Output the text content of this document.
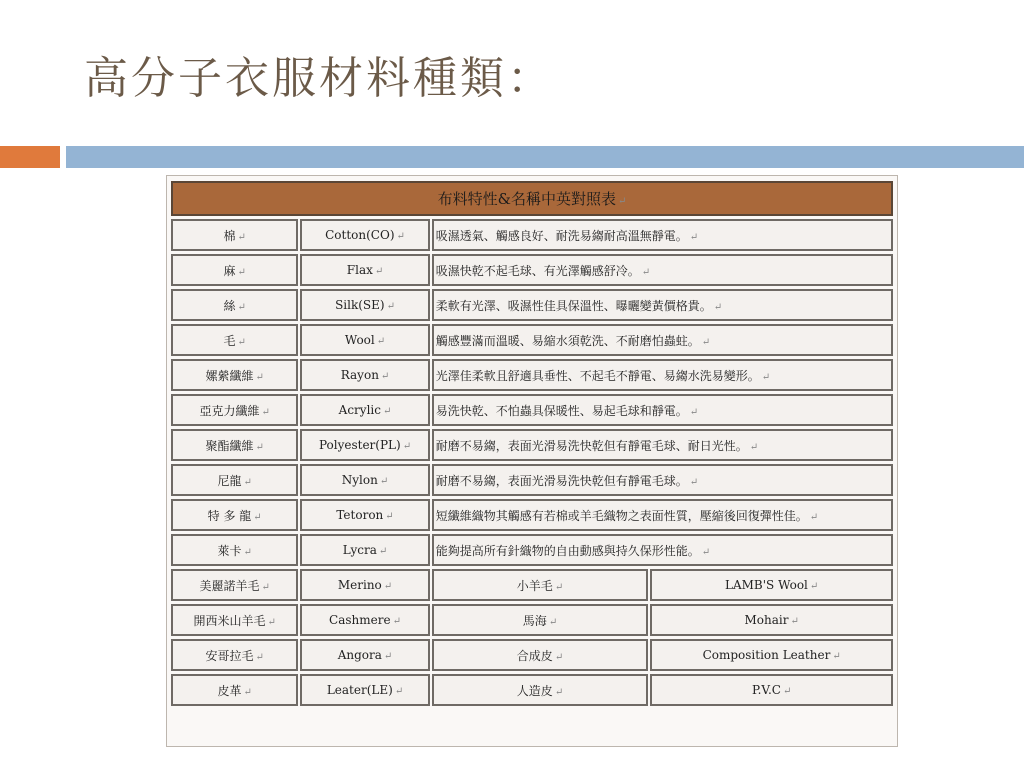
高分子衣服材料種類：
布料特性&名稱中英對照表 ↵			
棉 ↵	Cotton(CO) ↵	吸濕透氣、觸感良好、耐洗易縐耐高溫無靜電。 ↵	
麻 ↵	Flax ↵	吸濕快乾不起毛球、有光澤觸感舒冷。 ↵	
絲 ↵	Silk(SE) ↵	柔軟有光澤、吸濕性佳具保溫性、曝曬變黃價格貴。 ↵	
毛 ↵	Wool ↵	觸感豐滿而溫暖、易縮水須乾洗、不耐磨怕蟲蛀。 ↵	
嫘縈纖維 ↵	Rayon ↵	光澤佳柔軟且舒適具垂性、不起毛不靜電、易縐水洗易變形。 ↵	
亞克力纖維 ↵	Acrylic ↵	易洗快乾、不怕蟲具保暖性、易起毛球和靜電。 ↵	
聚酯纖維 ↵	Polyester(PL) ↵	耐磨不易縐，表面光滑易洗快乾但有靜電毛球、耐日光性。 ↵	
尼龍 ↵	Nylon ↵	耐磨不易縐，表面光滑易洗快乾但有靜電毛球。 ↵	
特 多 龍 ↵	Tetoron ↵	短纖維織物其觸感有若棉或羊毛織物之表面性質，壓縮後回復彈性佳。 ↵	
萊卡 ↵	Lycra ↵	能夠提高所有針織物的自由動感與持久保形性能。 ↵	
美麗諾羊毛 ↵	Merino ↵	小羊毛 ↵	LAMB'S Wool ↵
開西米山羊毛 ↵	Cashmere ↵	馬海 ↵	Mohair ↵
安哥拉毛 ↵	Angora ↵	合成皮 ↵	Composition Leather ↵
皮革 ↵	Leater(LE) ↵	人造皮 ↵	P.V.C ↵
